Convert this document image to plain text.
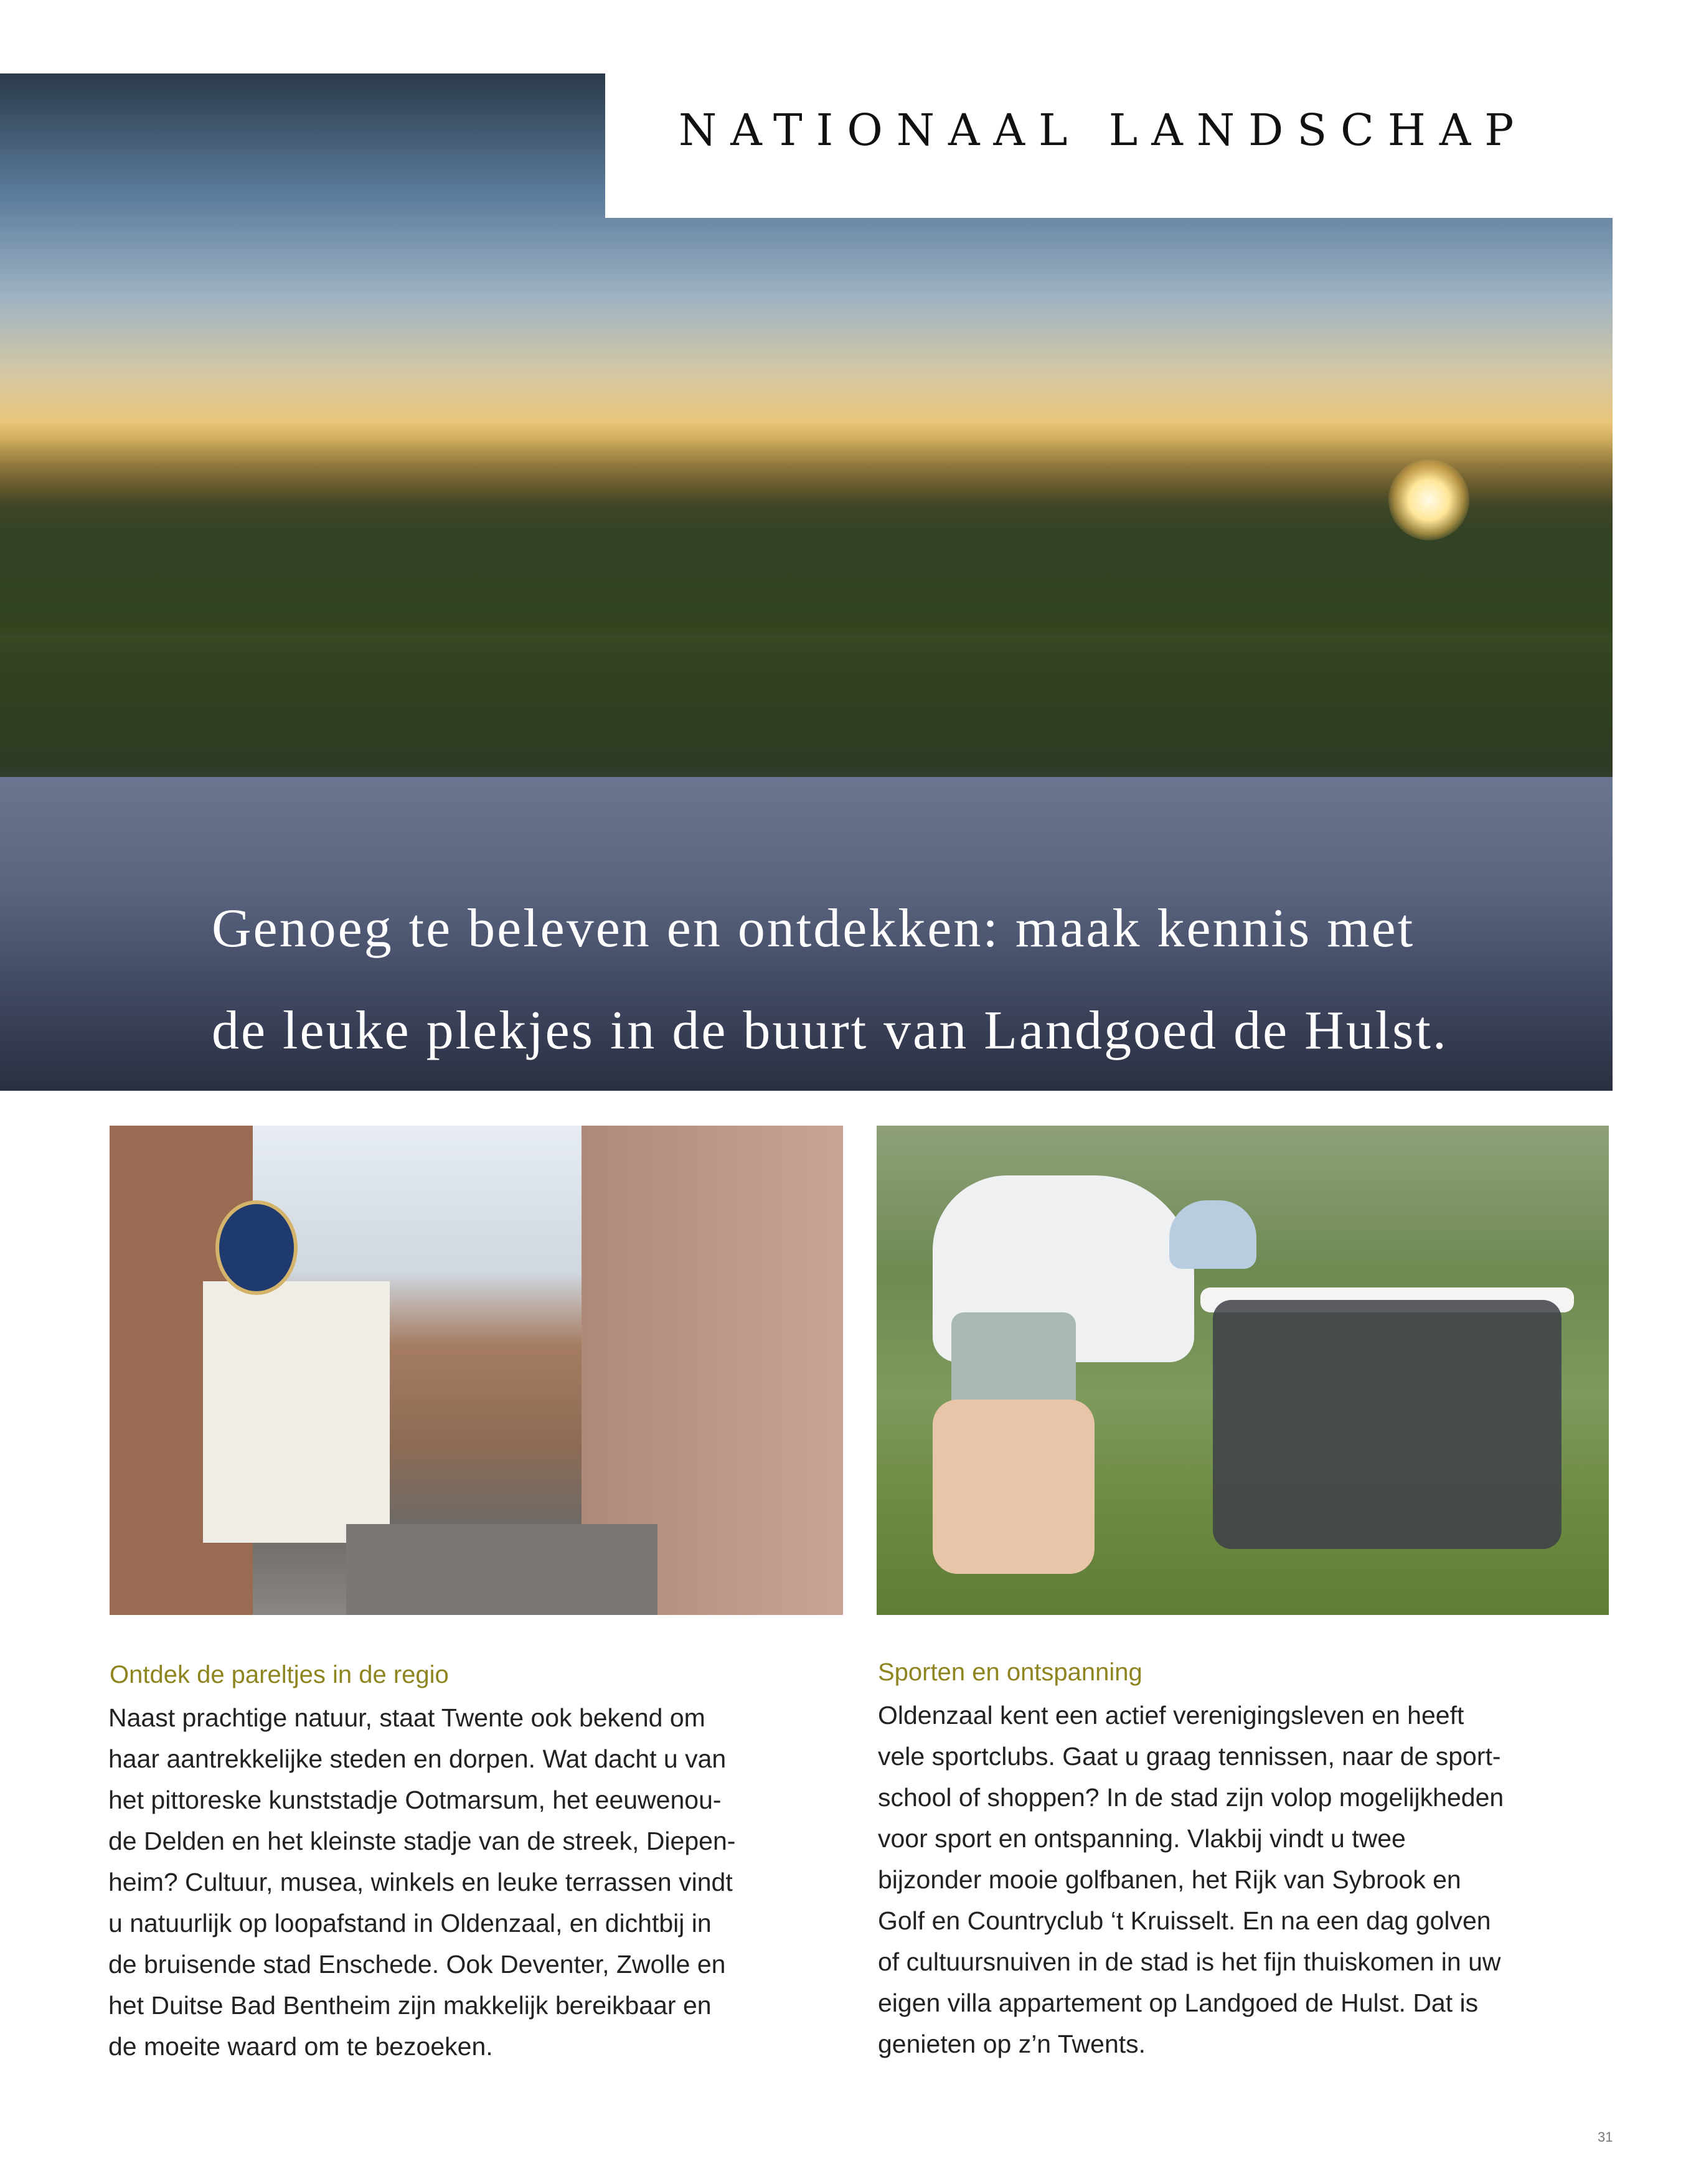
NATIONAAL LANDSCHAP
Genoeg te beleven en ontdekken: maak kennis met
de leuke plekjes in de buurt van Landgoed de Hulst.
Ontdek de pareltjes in de regio
Naast prachtige natuur, staat Twente ook bekend om
haar aantrekkelijke steden en dorpen. Wat dacht u van
het pittoreske kunststadje Ootmarsum, het eeuwenou-
de Delden en het kleinste stadje van de streek, Diepen-
heim? Cultuur, musea, winkels en leuke terrassen vindt
u natuurlijk op loopafstand in Oldenzaal, en dichtbij in
de bruisende stad Enschede. Ook Deventer, Zwolle en
het Duitse Bad Bentheim zijn makkelijk bereikbaar en
de moeite waard om te bezoeken.
Sporten en ontspanning
Oldenzaal kent een actief verenigingsleven en heeft
vele sportclubs. Gaat u graag tennissen, naar de sport-
school of shoppen? In de stad zijn volop mogelijkheden
voor sport en ontspanning. Vlakbij vindt u twee
bijzonder mooie golfbanen, het Rijk van Sybrook en
Golf en Countryclub ‘t Kruisselt. En na een dag golven
of cultuursnuiven in de stad is het fijn thuiskomen in uw
eigen villa appartement op Landgoed de Hulst. Dat is
genieten op z’n Twents.
31
